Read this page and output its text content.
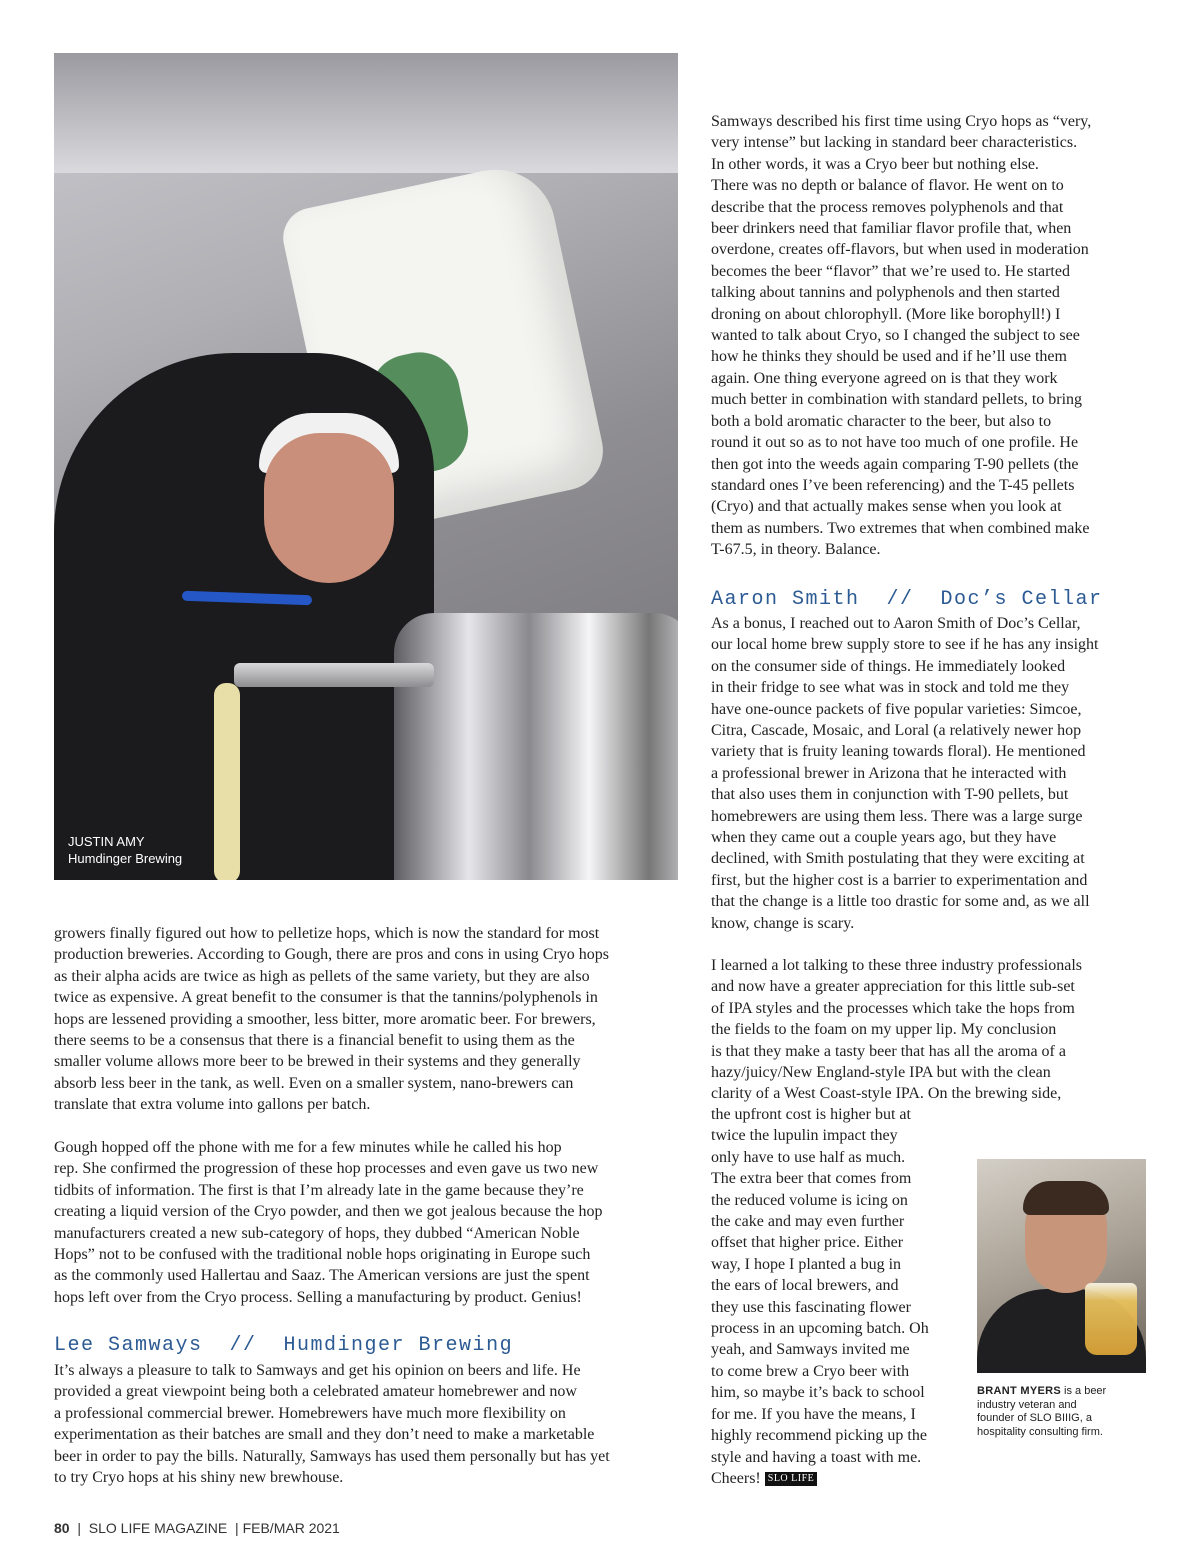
JUSTIN AMY
Humdinger Brewing
Samways described his first time using Cryo hops as “very,
very intense” but lacking in standard beer characteristics.
In other words, it was a Cryo beer but nothing else.
There was no depth or balance of flavor. He went on to
describe that the process removes polyphenols and that
beer drinkers need that familiar flavor profile that, when
overdone, creates off-flavors, but when used in moderation
becomes the beer “flavor” that we’re used to. He started
talking about tannins and polyphenols and then started
droning on about chlorophyll. (More like borophyll!) I
wanted to talk about Cryo, so I changed the subject to see
how he thinks they should be used and if he’ll use them
again. One thing everyone agreed on is that they work
much better in combination with standard pellets, to bring
both a bold aromatic character to the beer, but also to
round it out so as to not have too much of one profile. He
then got into the weeds again comparing T-90 pellets (the
standard ones I’ve been referencing) and the T-45 pellets
(Cryo) and that actually makes sense when you look at
them as numbers. Two extremes that when combined make
T-67.5, in theory. Balance.
Aaron Smith  //  Doc’s Cellar
As a bonus, I reached out to Aaron Smith of Doc’s Cellar,
our local home brew supply store to see if he has any insight
on the consumer side of things. He immediately looked
in their fridge to see what was in stock and told me they
have one-ounce packets of five popular varieties: Simcoe,
Citra, Cascade, Mosaic, and Loral (a relatively newer hop
variety that is fruity leaning towards floral). He mentioned
a professional brewer in Arizona that he interacted with
that also uses them in conjunction with T-90 pellets, but
homebrewers are using them less. There was a large surge
when they came out a couple years ago, but they have
declined, with Smith postulating that they were exciting at
first, but the higher cost is a barrier to experimentation and
that the change is a little too drastic for some and, as we all
know, change is scary.
I learned a lot talking to these three industry professionals
and now have a greater appreciation for this little sub-set
of IPA styles and the processes which take the hops from
the fields to the foam on my upper lip. My conclusion
is that they make a tasty beer that has all the aroma of a
hazy/juicy/New England-style IPA but with the clean
clarity of a West Coast-style IPA. On the brewing side,
the upfront cost is higher but at
twice the lupulin impact they
only have to use half as much.
The extra beer that comes from
the reduced volume is icing on
the cake and may even further
offset that higher price. Either
way, I hope I planted a bug in
the ears of local brewers, and
they use this fascinating flower
process in an upcoming batch. Oh
yeah, and Samways invited me
to come brew a Cryo beer with
him, so maybe it’s back to school
for me. If you have the means, I
highly recommend picking up the
style and having a toast with me.
Cheers! SLO LIFE
BRANT MYERS is a beer
industry veteran and
founder of SLO BIIIG, a
hospitality consulting firm.
growers finally figured out how to pelletize hops, which is now the standard for most
production breweries. According to Gough, there are pros and cons in using Cryo hops
as their alpha acids are twice as high as pellets of the same variety, but they are also
twice as expensive. A great benefit to the consumer is that the tannins/polyphenols in
hops are lessened providing a smoother, less bitter, more aromatic beer. For brewers,
there seems to be a consensus that there is a financial benefit to using them as the
smaller volume allows more beer to be brewed in their systems and they generally
absorb less beer in the tank, as well. Even on a smaller system, nano-brewers can
translate that extra volume into gallons per batch.
Gough hopped off the phone with me for a few minutes while he called his hop
rep. She confirmed the progression of these hop processes and even gave us two new
tidbits of information. The first is that I’m already late in the game because they’re
creating a liquid version of the Cryo powder, and then we got jealous because the hop
manufacturers created a new sub-category of hops, they dubbed “American Noble
Hops” not to be confused with the traditional noble hops originating in Europe such
as the commonly used Hallertau and Saaz. The American versions are just the spent
hops left over from the Cryo process. Selling a manufacturing by product. Genius!
Lee Samways  //  Humdinger Brewing
It’s always a pleasure to talk to Samways and get his opinion on beers and life. He
provided a great viewpoint being both a celebrated amateur homebrewer and now
a professional commercial brewer. Homebrewers have much more flexibility on
experimentation as their batches are small and they don’t need to make a marketable
beer in order to pay the bills. Naturally, Samways has used them personally but has yet
to try Cryo hops at his shiny new brewhouse.
80 | SLO LIFE MAGAZINE | FEB/MAR 2021
